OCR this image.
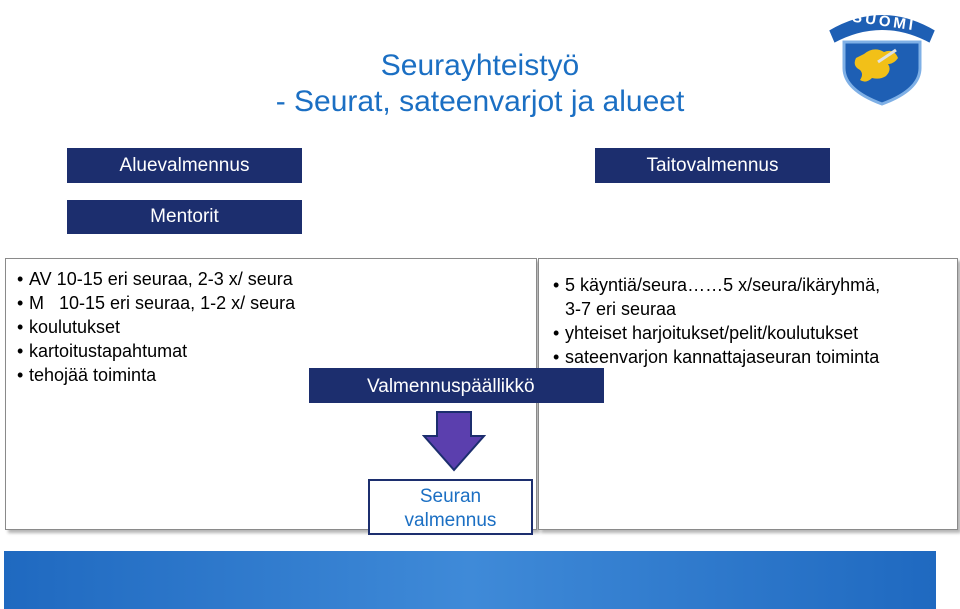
Seurayhteistyö
- Seurat, sateenvarjot ja alueet
SUOMI
Aluevalmennus
Mentorit
Taitovalmennus
• AV 10-15 eri seuraa, 2-3 x/ seura
• M   10-15 eri seuraa, 1-2 x/ seura
• koulutukset
• kartoitustapahtumat
• tehojää toiminta
• 5 käyntiä/seura……5 x/seura/ikäryhmä,
3-7 eri seuraa
• yhteiset harjoitukset/pelit/koulutukset
• sateenvarjon kannattajaseuran toiminta
Valmennuspäällikkö
Seuran
valmennus
